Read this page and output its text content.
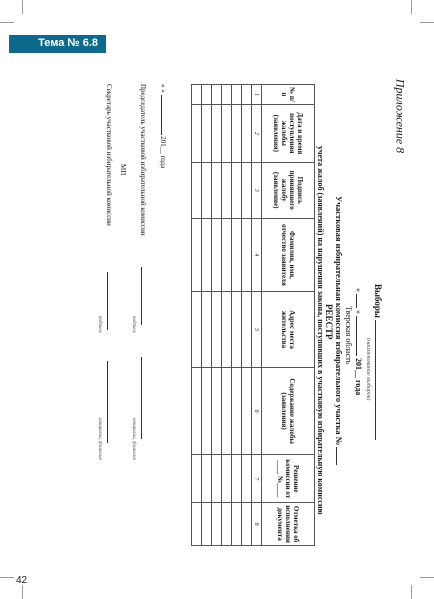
Тема № 6.8
Приложение 8
Выборы
(наименование выборов)
«  »  201__ года
Тверская область
Участковая избирательная комиссия избирательного участка №
РЕЕСТР
учета жалоб (заявлений) на нарушения закона, поступивших в участковую избирательную комиссию
№ п/п	Дата и время поступления жалобы (заявления)	Подпись принявшего жалобу (заявление)	Фамилия, имя, отчество заявителя	Адрес места жительства	Содержание жалобы (заявления)	Решение комиссии от ____ №____	Отметка об исполнении документа
1	2	3	4	5	6	7	8

« »  201__ года
Председатель участковой избирательной комиссии
подпись
инициалы, фамилия
МП
Секретарь участковой избирательной комиссии
подпись
инициалы, фамилия
42
